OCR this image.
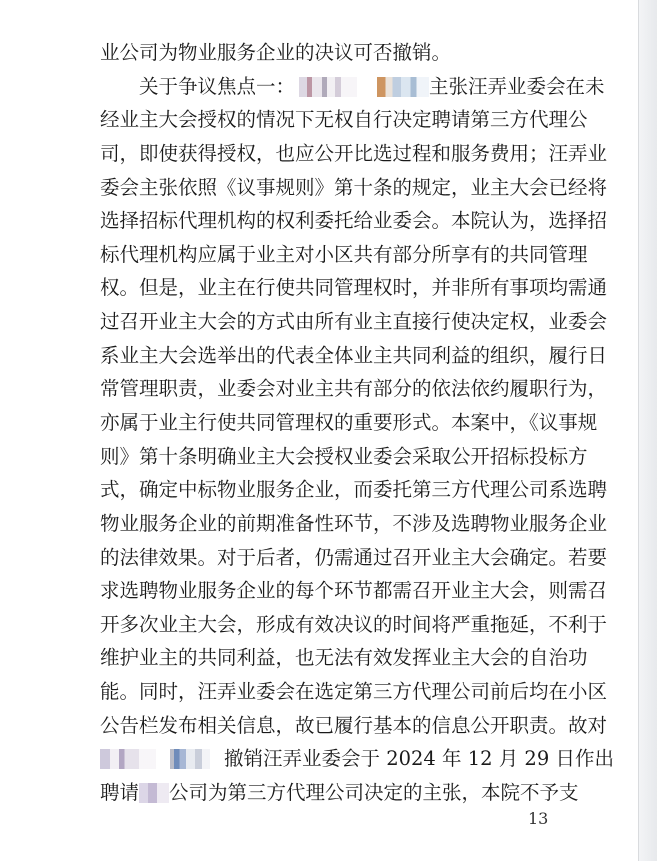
业公司为物业服务企业的决议可否撤销。
关于争议焦点一：	主张汪弄业委会在未
经业主大会授权的情况下无权自行决定聘请第三方代理公
司，即使获得授权，也应公开比选过程和服务费用；汪弄业
委会主张依照《议事规则》第十条的规定，业主大会已经将
选择招标代理机构的权利委托给业委会。本院认为，选择招
标代理机构应属于业主对小区共有部分所享有的共同管理
权。但是，业主在行使共同管理权时，并非所有事项均需通
过召开业主大会的方式由所有业主直接行使决定权，业委会
系业主大会选举出的代表全体业主共同利益的组织，履行日
常管理职责，业委会对业主共有部分的依法依约履职行为，
亦属于业主行使共同管理权的重要形式。本案中，《议事规
则》第十条明确业主大会授权业委会采取公开招标投标方
式，确定中标物业服务企业，而委托第三方代理公司系选聘
物业服务企业的前期准备性环节，不涉及选聘物业服务企业
的法律效果。对于后者，仍需通过召开业主大会确定。若要
求选聘物业服务企业的每个环节都需召开业主大会，则需召
开多次业主大会，形成有效决议的时间将严重拖延，不利于
维护业主的共同利益，也无法有效发挥业主大会的自治功
能。同时，汪弄业委会在选定第三方代理公司前后均在小区
公告栏发布相关信息，故已履行基本的信息公开职责。故对
撤销汪弄业委会于 2024 年 12 月 29 日作出
聘请 公司为第三方代理公司决定的主张，本院不予支
13
